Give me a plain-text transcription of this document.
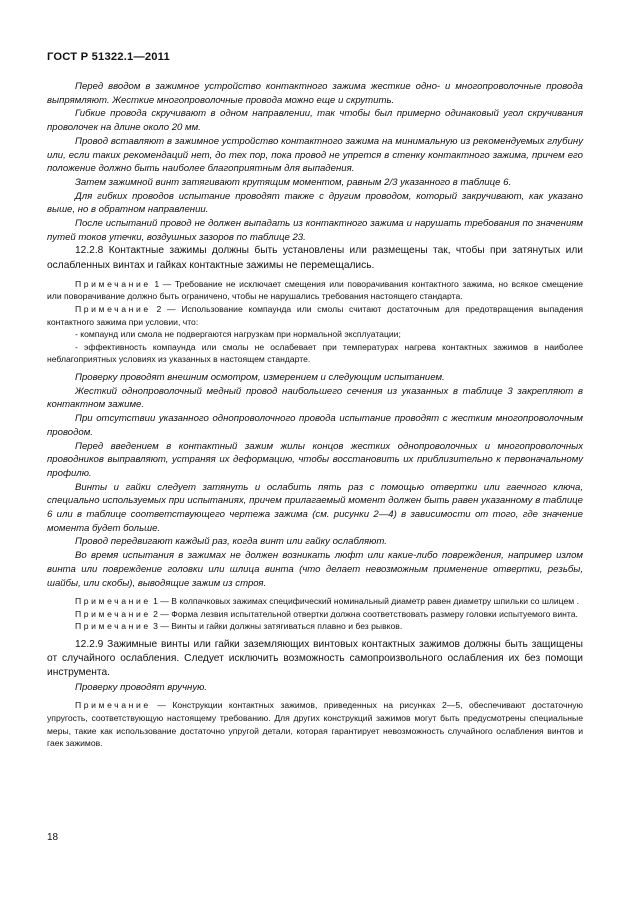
ГОСТ Р 51322.1—2011

Перед вводом в зажимное устройство контактного зажима жесткие одно- и многопроволочные провода выпрямляют. Жесткие многопроволочные провода можно еще и скрутить.

Гибкие провода скручивают в одном направлении, так чтобы был примерно одинаковый угол скручивания проволочек на длине около 20 мм.

Провод вставляют в зажимное устройство контактного зажима на минимальную из рекомендуемых глубину или, если таких рекомендаций нет, до тех пор, пока провод не упрется в стенку контактного зажима, причем его положение должно быть наиболее благоприятным для выпадения.

Затем зажимной винт затягивают крутящим моментом, равным 2/3 указанного в таблице 6.

Для гибких проводов испытание проводят также с другим проводом, который закручивают, как указано выше, но в обратном направлении.

После испытаний провод не должен выпадать из контактного зажима и нарушать требования по значениям путей токов утечки, воздушных зазоров по таблице 23.

12.2.8 Контактные зажимы должны быть установлены или размещены так, чтобы при затянутых или ослабленных винтах и гайках контактные зажимы не перемещались.

Примечание 1 — Требование не исключает смещения или поворачивания контактного зажима, но всякое смещение или поворачивание должно быть ограничено, чтобы не нарушались требования настоящего стандарта.

Примечание 2 — Использование компаунда или смолы считают достаточным для предотвращения выпадения контактного зажима при условии, что:

- компаунд или смола не подвергаются нагрузкам при нормальной эксплуатации;

- эффективность компаунда или смолы не ослабевает при температурах нагрева контактных зажимов в наиболее неблагоприятных условиях из указанных в настоящем стандарте.

Проверку проводят внешним осмотром, измерением и следующим испытанием.

Жесткий однопроволочный медный провод наибольшего сечения из указанных в таблице 3 закрепляют в контактном зажиме.

При отсутствии указанного однопроволочного провода испытание проводят с жестким многопроволочным проводом.

Перед введением в контактный зажим жилы концов жестких однопроволочных и многопроволочных проводников выправляют, устраняя их деформацию, чтобы восстановить их приблизительно к первоначальному профилю.

Винты и гайки следует затянуть и ослабить пять раз с помощью отвертки или гаечного ключа, специально используемых при испытаниях, причем прилагаемый момент должен быть равен указанному в таблице 6 или в таблице соответствующего чертежа зажима (см. рисунки 2—4) в зависимости от того, где значение момента будет больше.

Провод передвигают каждый раз, когда винт или гайку ослабляют.

Во время испытания в зажимах не должен возникать люфт или какие-либо повреждения, например излом винта или повреждение головки или шлица винта (что делает невозможным применение отвертки, резьбы, шайбы, или скобы), выводящие зажим из строя.

Примечание 1 — В колпачковых зажимах специфический номинальный диаметр равен диаметру шпильки со шлицем .

Примечание 2 — Форма лезвия испытательной отвертки должна соответствовать размеру головки испытуемого винта.

Примечание 3 — Винты и гайки должны затягиваться плавно и без рывков.

12.2.9 Зажимные винты или гайки заземляющих винтовых контактных зажимов должны быть защищены от случайного ослабления. Следует исключить возможность самопроизвольного ослабления их без помощи инструмента.

Проверку проводят вручную.

Примечание — Конструкции контактных зажимов, приведенных на рисунках 2—5, обеспечивают достаточную упругость, соответствующую настоящему требованию. Для других конструкций зажимов могут быть предусмотрены специальные меры, такие как использование достаточно упругой детали, которая гарантирует невозможность случайного ослабления винтов и гаек зажимов.

18
